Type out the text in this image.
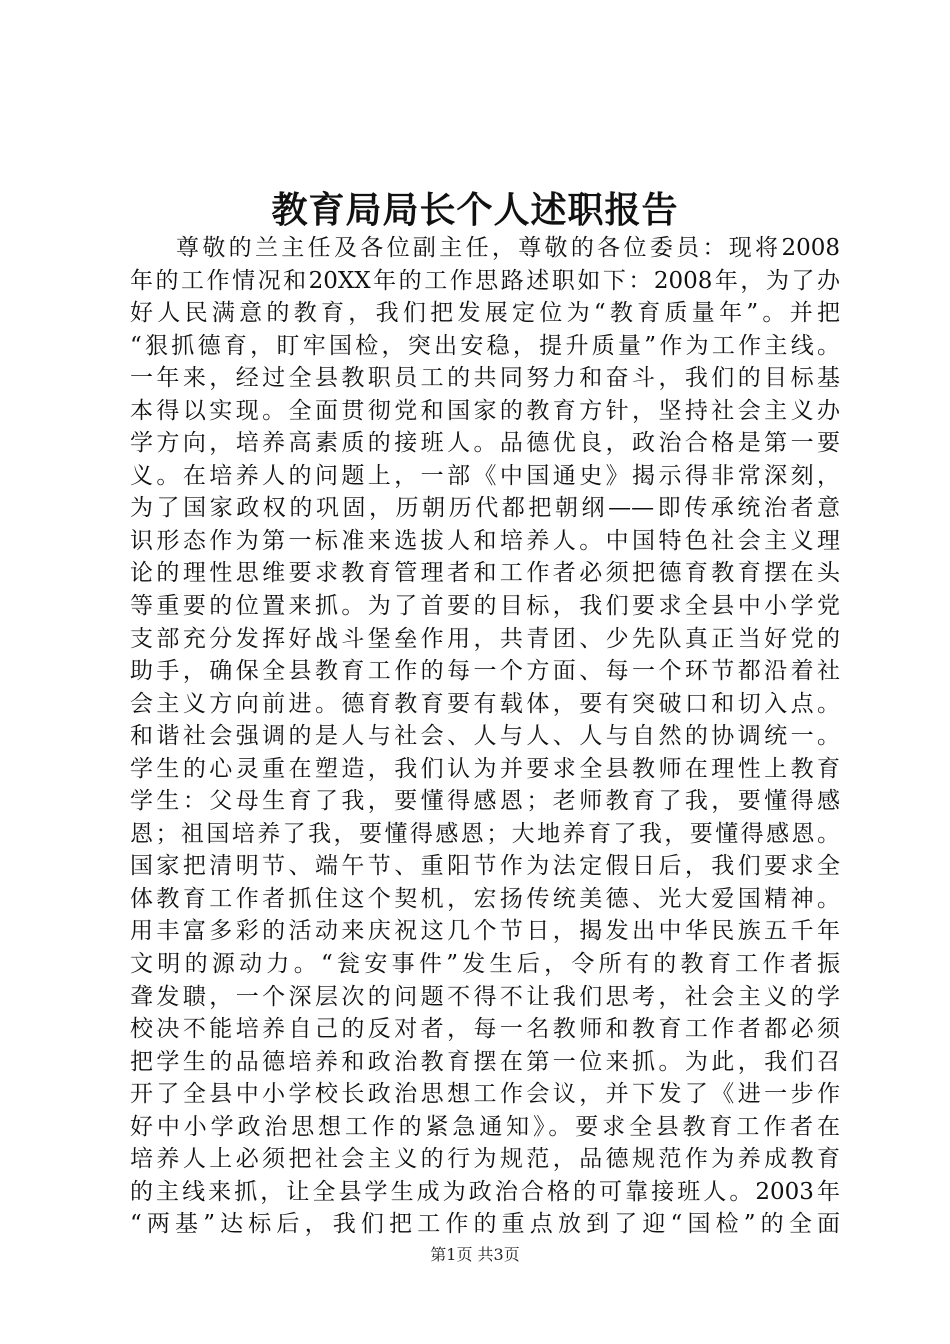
教育局局长个人述职报告
尊敬的兰主任及各位副主任，尊敬的各位委员：现将2008
年的工作情况和20XX年的工作思路述职如下：2008年，为了办
好人民满意的教育，我们把发展定位为“教育质量年”。并把
“狠抓德育，盯牢国检，突出安稳，提升质量”作为工作主线。
一年来，经过全县教职员工的共同努力和奋斗，我们的目标基
本得以实现。全面贯彻党和国家的教育方针，坚持社会主义办
学方向，培养高素质的接班人。品德优良，政治合格是第一要
义。在培养人的问题上，一部《中国通史》揭示得非常深刻，
为了国家政权的巩固，历朝历代都把朝纲——即传承统治者意
识形态作为第一标准来选拔人和培养人。中国特色社会主义理
论的理性思维要求教育管理者和工作者必须把德育教育摆在头
等重要的位置来抓。为了首要的目标，我们要求全县中小学党
支部充分发挥好战斗堡垒作用，共青团、少先队真正当好党的
助手，确保全县教育工作的每一个方面、每一个环节都沿着社
会主义方向前进。德育教育要有载体，要有突破口和切入点。
和谐社会强调的是人与社会、人与人、人与自然的协调统一。
学生的心灵重在塑造，我们认为并要求全县教师在理性上教育
学生：父母生育了我，要懂得感恩；老师教育了我，要懂得感
恩；祖国培养了我，要懂得感恩；大地养育了我，要懂得感恩。
国家把清明节、端午节、重阳节作为法定假日后，我们要求全
体教育工作者抓住这个契机，宏扬传统美德、光大爱国精神。
用丰富多彩的活动来庆祝这几个节日，揭发出中华民族五千年
文明的源动力。“瓮安事件”发生后，令所有的教育工作者振
聋发聩，一个深层次的问题不得不让我们思考，社会主义的学
校决不能培养自己的反对者，每一名教师和教育工作者都必须
把学生的品德培养和政治教育摆在第一位来抓。为此，我们召
开了全县中小学校长政治思想工作会议，并下发了《进一步作
好中小学政治思想工作的紧急通知》。要求全县教育工作者在
培养人上必须把社会主义的行为规范，品德规范作为养成教育
的主线来抓，让全县学生成为政治合格的可靠接班人。2003年
“两基”达标后，我们把工作的重点放到了迎“国检”的全面
第1页 共3页
